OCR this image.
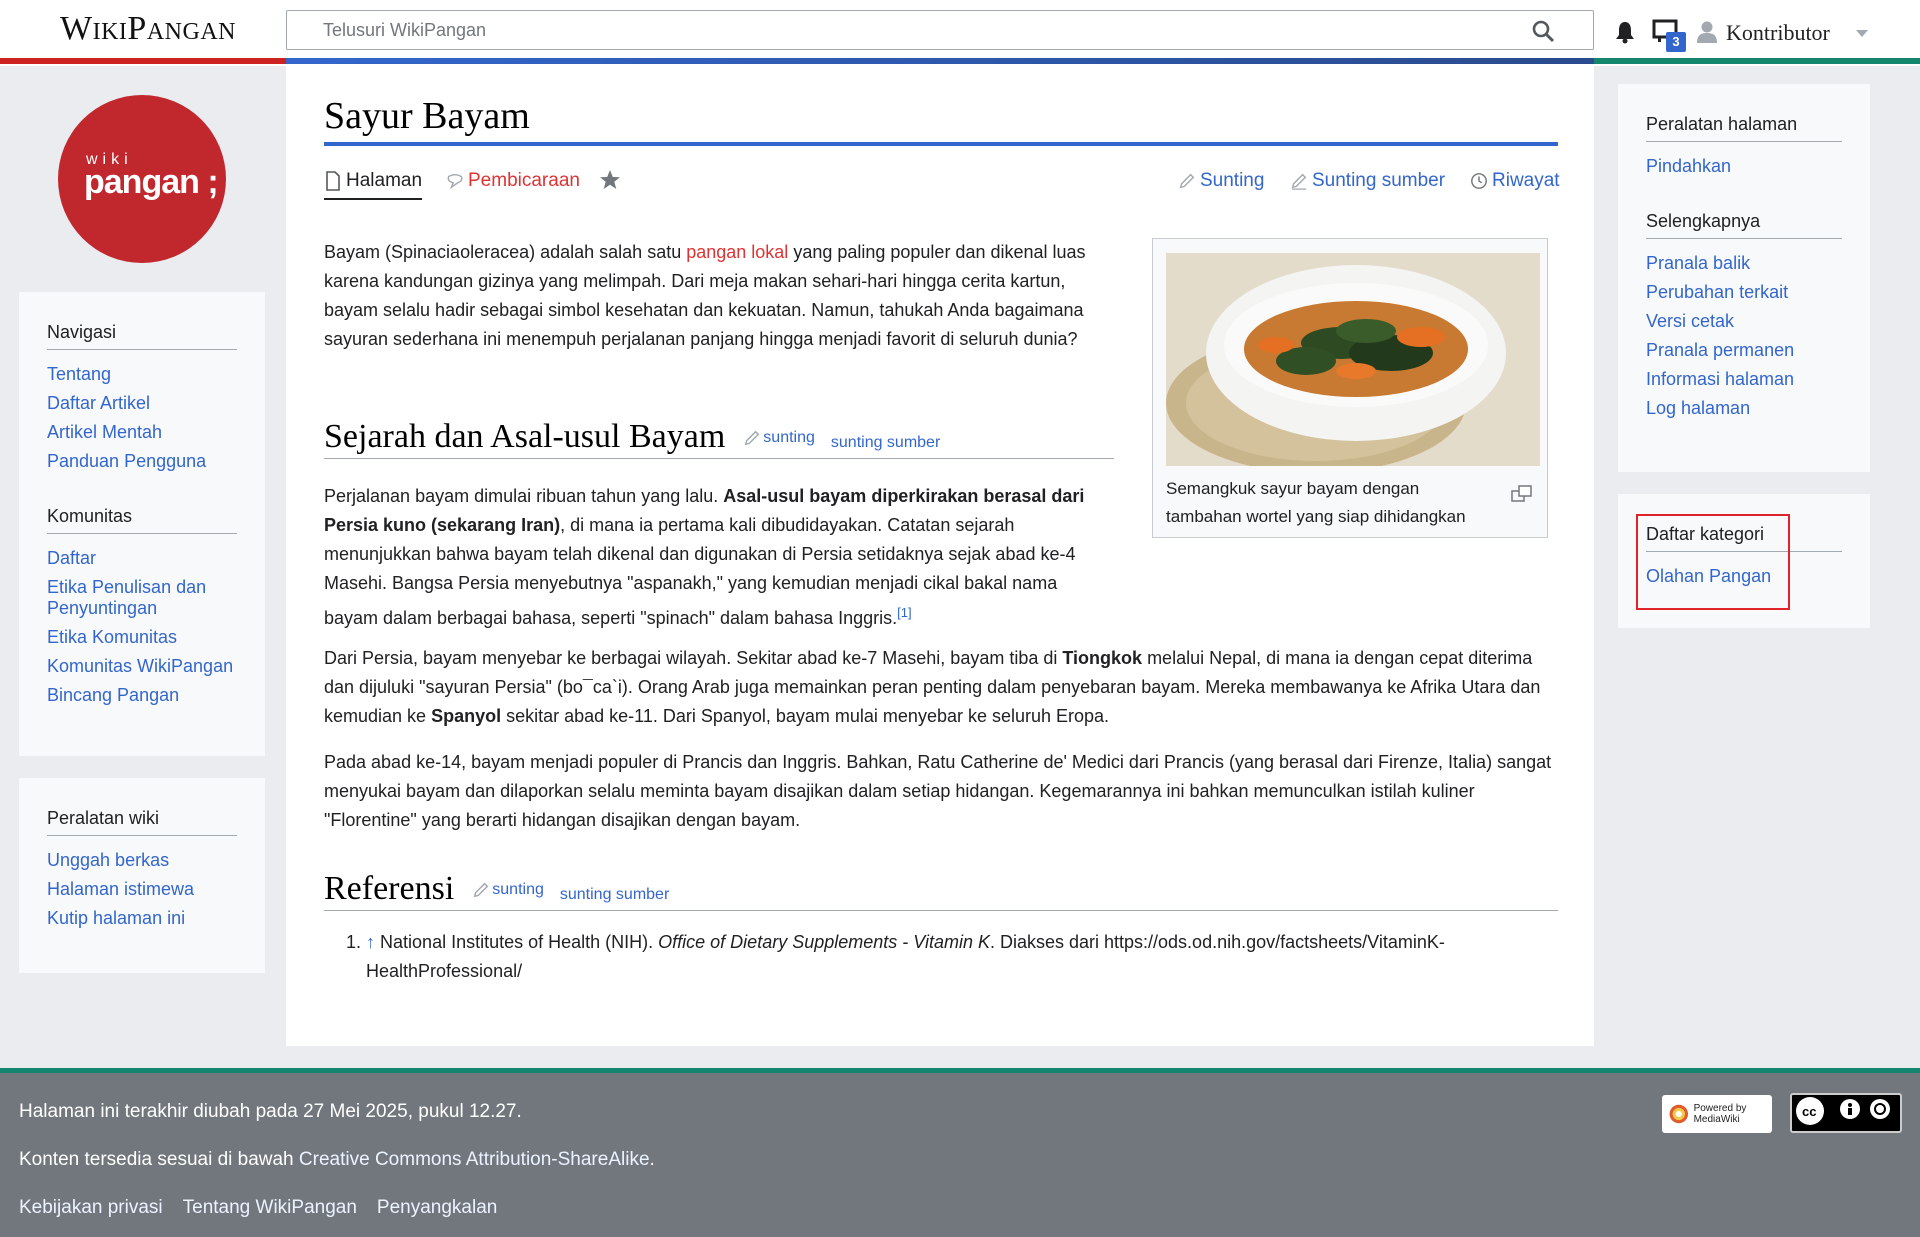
WikiPangan
Telusuri WikiPangan	3 Kontributor
wiki
pangan ;
Navigasi
Tentang
Daftar Artikel
Artikel Mentah
Panduan Pengguna
Komunitas
Daftar
Etika Penulisan dan Penyuntingan
Etika Komunitas
Komunitas WikiPangan
Bincang Pangan
Peralatan wiki
Unggah berkas
Halaman istimewa
Kutip halaman ini
Sayur Bayam
Halaman Pembicaraan	Sunting	Sunting sumber Riwayat

Bayam (Spinaciaoleracea) adalah salah satu pangan lokal yang paling populer dan dikenal luas karena kandungan gizinya yang melimpah. Dari meja makan sehari-hari hingga cerita kartun, bayam selalu hadir sebagai simbol kesehatan dan kekuatan. Namun, tahukah Anda bagaimana sayuran sederhana ini menempuh perjalanan panjang hingga menjadi favorit di seluruh dunia?

Semangkuk sayur bayam dengan tambahan wortel yang siap dihidangkan
Sejarah dan Asal-usul Bayam sunting sunting sumber

Perjalanan bayam dimulai ribuan tahun yang lalu. Asal-usul bayam diperkirakan berasal dari Persia kuno (sekarang Iran), di mana ia pertama kali dibudidayakan. Catatan sejarah menunjukkan bahwa bayam telah dikenal dan digunakan di Persia setidaknya sejak abad ke-4 Masehi. Bangsa Persia menyebutnya "aspanakh," yang kemudian menjadi cikal bakal nama bayam dalam berbagai bahasa, seperti "spinach" dalam bahasa Inggris.[1]

Dari Persia, bayam menyebar ke berbagai wilayah. Sekitar abad ke-7 Masehi, bayam tiba di Tiongkok melalui Nepal, di mana ia dengan cepat diterima dan dijuluki "sayuran Persia" (bo¯ca`i). Orang Arab juga memainkan peran penting dalam penyebaran bayam. Mereka membawanya ke Afrika Utara dan kemudian ke Spanyol sekitar abad ke-11. Dari Spanyol, bayam mulai menyebar ke seluruh Eropa.

Pada abad ke-14, bayam menjadi populer di Prancis dan Inggris. Bahkan, Ratu Catherine de' Medici dari Prancis (yang berasal dari Firenze, Italia) sangat menyukai bayam dan dilaporkan selalu meminta bayam disajikan dalam setiap hidangan. Kegemarannya ini bahkan memunculkan istilah kuliner "Florentine" yang berarti hidangan disajikan dengan bayam.

Referensi sunting sunting sumber
1. ↑ National Institutes of Health (NIH). Office of Dietary Supplements - Vitamin K. Diakses dari https://ods.od.nih.gov/factsheets/VitaminK-HealthProfessional/
Peralatan halaman
Pindahkan
Selengkapnya
Pranala balik
Perubahan terkait
Versi cetak
Pranala permanen
Informasi halaman
Log halaman
Daftar kategori
Olahan Pangan
Halaman ini terakhir diubah pada 27 Mei 2025, pukul 12.27.
Konten tersedia sesuai di bawah Creative Commons Attribution-ShareAlike.
Kebijakan privasi Tentang WikiPangan Penyangkalan
Powered by MediaWiki
cc
